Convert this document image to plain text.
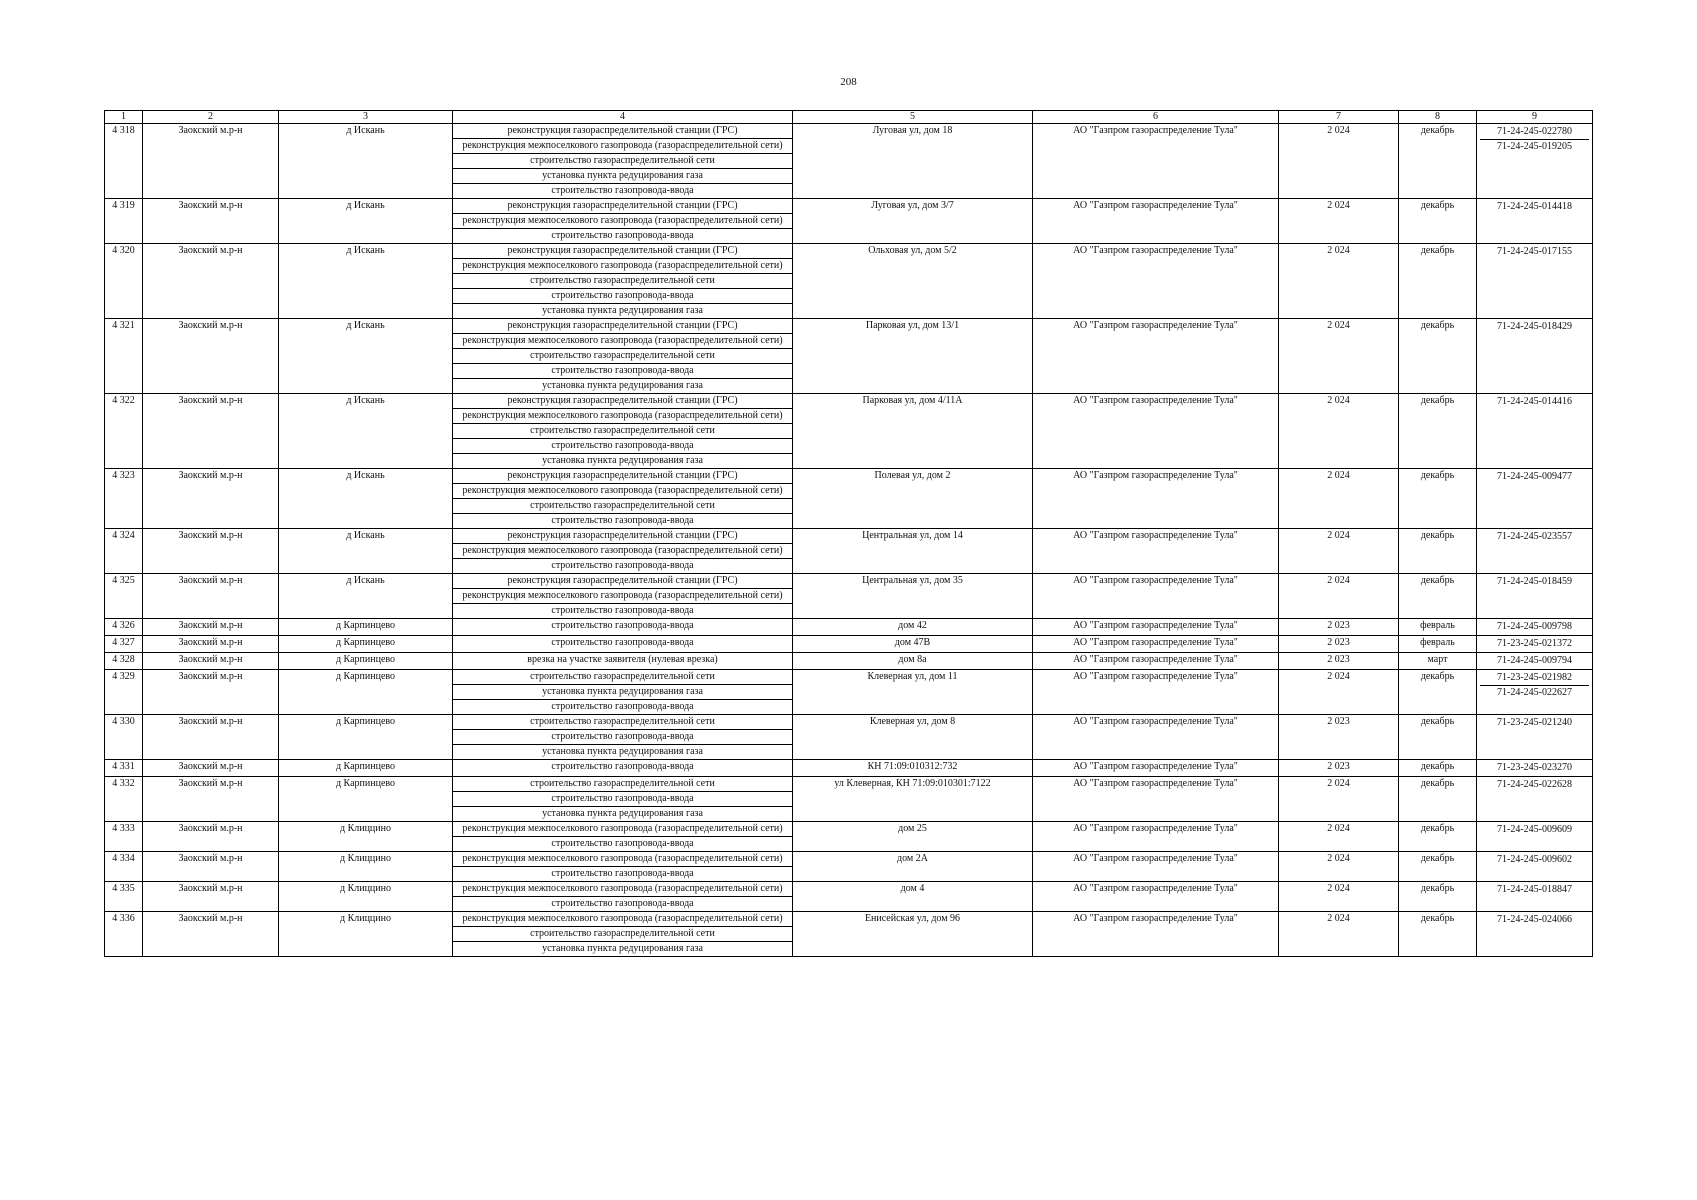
208
1	2	3	4	5	6	7	8	9
4 318	Заокский м.р-н	д Искань	реконструкция газораспределительной станции (ГРС)	Луговая ул, дом 18	АО "Газпром газораспределение Тула"	2 024	декабрь	71-24-245-022780
71-24-245-019205

			реконструкция межпоселкового газопровода (газораспределительной сети)					
			строительство газораспределительной сети					
			установка пункта редуцирования газа					
			строительство газопровода-ввода					
4 319	Заокский м.р-н	д Искань	реконструкция газораспределительной станции (ГРС)	Луговая ул, дом 3/7	АО "Газпром газораспределение Тула"	2 024	декабрь	71-24-245-014418

			реконструкция межпоселкового газопровода (газораспределительной сети)					
			строительство газопровода-ввода					
4 320	Заокский м.р-н	д Искань	реконструкция газораспределительной станции (ГРС)	Ольховая ул, дом 5/2	АО "Газпром газораспределение Тула"	2 024	декабрь	71-24-245-017155

			реконструкция межпоселкового газопровода (газораспределительной сети)					
			строительство газораспределительной сети					
			строительство газопровода-ввода					
			установка пункта редуцирования газа					
4 321	Заокский м.р-н	д Искань	реконструкция газораспределительной станции (ГРС)	Парковая ул, дом 13/1	АО "Газпром газораспределение Тула"	2 024	декабрь	71-24-245-018429

			реконструкция межпоселкового газопровода (газораспределительной сети)					
			строительство газораспределительной сети					
			строительство газопровода-ввода					
			установка пункта редуцирования газа					
4 322	Заокский м.р-н	д Искань	реконструкция газораспределительной станции (ГРС)	Парковая ул, дом 4/11А	АО "Газпром газораспределение Тула"	2 024	декабрь	71-24-245-014416

			реконструкция межпоселкового газопровода (газораспределительной сети)					
			строительство газораспределительной сети					
			строительство газопровода-ввода					
			установка пункта редуцирования газа					
4 323	Заокский м.р-н	д Искань	реконструкция газораспределительной станции (ГРС)	Полевая ул, дом 2	АО "Газпром газораспределение Тула"	2 024	декабрь	71-24-245-009477

			реконструкция межпоселкового газопровода (газораспределительной сети)					
			строительство газораспределительной сети					
			строительство газопровода-ввода					
4 324	Заокский м.р-н	д Искань	реконструкция газораспределительной станции (ГРС)	Центральная ул, дом 14	АО "Газпром газораспределение Тула"	2 024	декабрь	71-24-245-023557

			реконструкция межпоселкового газопровода (газораспределительной сети)					
			строительство газопровода-ввода					
4 325	Заокский м.р-н	д Искань	реконструкция газораспределительной станции (ГРС)	Центральная ул, дом 35	АО "Газпром газораспределение Тула"	2 024	декабрь	71-24-245-018459

			реконструкция межпоселкового газопровода (газораспределительной сети)					
			строительство газопровода-ввода					
4 326	Заокский м.р-н	д Карпинцево	строительство газопровода-ввода	дом 42	АО "Газпром газораспределение Тула"	2 023	февраль	71-24-245-009798

4 327	Заокский м.р-н	д Карпинцево	строительство газопровода-ввода	дом 47В	АО "Газпром газораспределение Тула"	2 023	февраль	71-23-245-021372

4 328	Заокский м.р-н	д Карпинцево	врезка на участке заявителя (нулевая врезка)	дом 8а	АО "Газпром газораспределение Тула"	2 023	март	71-24-245-009794

4 329	Заокский м.р-н	д Карпинцево	строительство газораспределительной сети	Клеверная ул, дом 11	АО "Газпром газораспределение Тула"	2 024	декабрь	71-23-245-021982
71-24-245-022627

			установка пункта редуцирования газа					
			строительство газопровода-ввода					
4 330	Заокский м.р-н	д Карпинцево	строительство газораспределительной сети	Клеверная ул, дом 8	АО "Газпром газораспределение Тула"	2 023	декабрь	71-23-245-021240

			строительство газопровода-ввода					
			установка пункта редуцирования газа					
4 331	Заокский м.р-н	д Карпинцево	строительство газопровода-ввода	КН 71:09:010312:732	АО "Газпром газораспределение Тула"	2 023	декабрь	71-23-245-023270

4 332	Заокский м.р-н	д Карпинцево	строительство газораспределительной сети	ул Клеверная, КН 71:09:010301:7122	АО "Газпром газораспределение Тула"	2 024	декабрь	71-24-245-022628

			строительство газопровода-ввода					
			установка пункта редуцирования газа					
4 333	Заокский м.р-н	д Клиццино	реконструкция межпоселкового газопровода (газораспределительной сети)	дом 25	АО "Газпром газораспределение Тула"	2 024	декабрь	71-24-245-009609

			строительство газопровода-ввода					
4 334	Заокский м.р-н	д Клиццино	реконструкция межпоселкового газопровода (газораспределительной сети)	дом 2А	АО "Газпром газораспределение Тула"	2 024	декабрь	71-24-245-009602

			строительство газопровода-ввода					
4 335	Заокский м.р-н	д Клиццино	реконструкция межпоселкового газопровода (газораспределительной сети)	дом 4	АО "Газпром газораспределение Тула"	2 024	декабрь	71-24-245-018847

			строительство газопровода-ввода					
4 336	Заокский м.р-н	д Клиццино	реконструкция межпоселкового газопровода (газораспределительной сети)	Енисейская ул, дом 96	АО "Газпром газораспределение Тула"	2 024	декабрь	71-24-245-024066

			строительство газораспределительной сети					
			установка пункта редуцирования газа					
